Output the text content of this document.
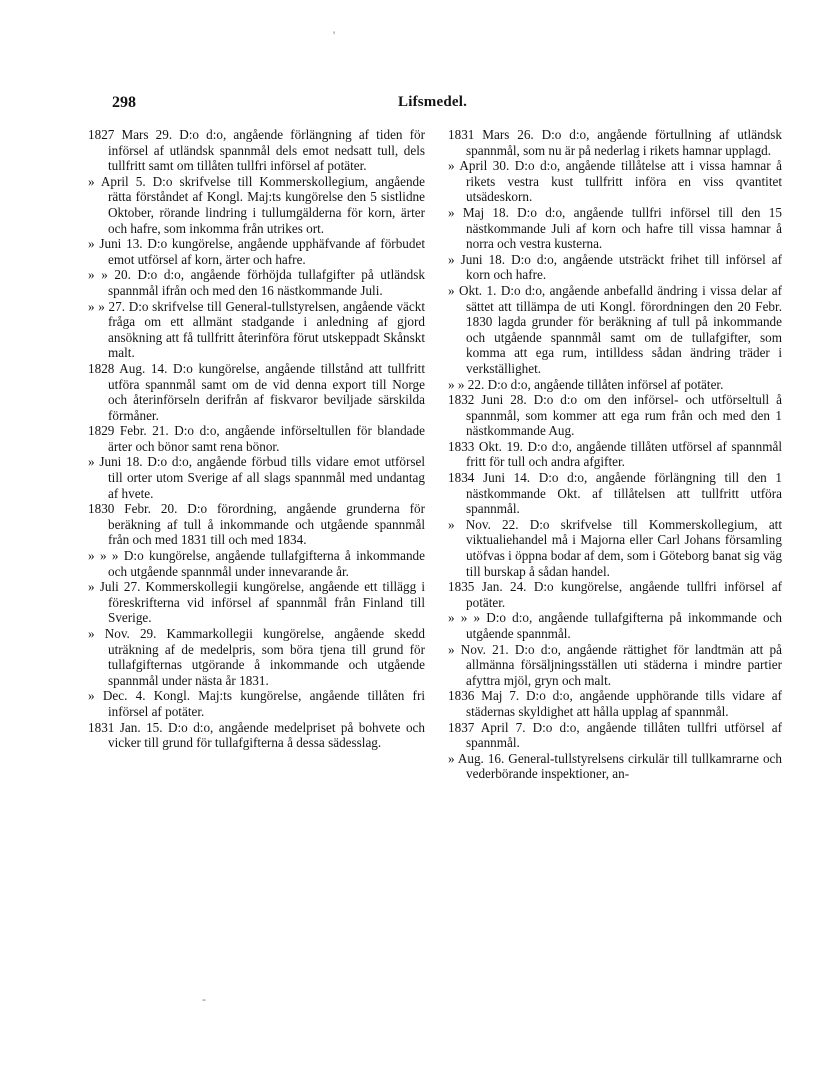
'
298	Lifsmedel.

1827 Mars 29. D:o d:o, angående förlängning af tiden för införsel af utländsk spannmål dels emot nedsatt tull, dels tullfritt samt om tillåten tullfri införsel af potäter.

» April 5. D:o skrifvelse till Kommerskollegium, angående rätta förståndet af Kongl. Maj:ts kungörelse den 5 sistlidne Oktober, rörande lindring i tullumgälderna för korn, ärter och hafre, som inkomma från utrikes ort.

» Juni 13. D:o kungörelse, angående upphäfvande af förbudet emot utförsel af korn, ärter och hafre.

» » 20. D:o d:o, angående förhöjda tullafgifter på utländsk spannmål ifrån och med den 16 nästkommande Juli.

» » 27. D:o skrifvelse till General-tullstyrelsen, angående väckt fråga om ett allmänt stadgande i anledning af gjord ansökning att få tullfritt återinföra förut utskeppadt Skånskt malt.

1828 Aug. 14. D:o kungörelse, angående tillstånd att tullfritt utföra spannmål samt om de vid denna export till Norge och återinförseln derifrån af fiskvaror beviljade särskilda förmåner.

1829 Febr. 21. D:o d:o, angående införseltullen för blandade ärter och bönor samt rena bönor.

» Juni 18. D:o d:o, angående förbud tills vidare emot utförsel till orter utom Sverige af all slags spannmål med undantag af hvete.

1830 Febr. 20. D:o förordning, angående grunderna för beräkning af tull å inkommande och utgående spannmål från och med 1831 till och med 1834.

» » » D:o kungörelse, angående tullafgifterna å inkommande och utgående spannmål under innevarande år.

» Juli 27. Kommerskollegii kungörelse, angående ett tillägg i föreskrifterna vid införsel af spannmål från Finland till Sverige.

» Nov. 29. Kammarkollegii kungörelse, angående skedd uträkning af de medelpris, som böra tjena till grund för tullafgifternas utgörande å inkommande och utgående spannmål under nästa år 1831.

» Dec. 4. Kongl. Maj:ts kungörelse, angående tillåten fri införsel af potäter.

1831 Jan. 15. D:o d:o, angående medelpriset på bohvete och vicker till grund för tullafgifterna å dessa sädesslag.

1831 Mars 26. D:o d:o, angående förtullning af utländsk spannmål, som nu är på nederlag i rikets hamnar upplagd.

» April 30. D:o d:o, angående tillåtelse att i vissa hamnar å rikets vestra kust tullfritt införa en viss qvantitet utsädeskorn.

» Maj 18. D:o d:o, angående tullfri införsel till den 15 nästkommande Juli af korn och hafre till vissa hamnar å norra och vestra kusterna.

» Juni 18. D:o d:o, angående utsträckt frihet till införsel af korn och hafre.

» Okt. 1. D:o d:o, angående anbefalld ändring i vissa delar af sättet att tillämpa de uti Kongl. förordningen den 20 Febr. 1830 lagda grunder för beräkning af tull på inkommande och utgående spannmål samt om de tullafgifter, som komma att ega rum, intilldess sådan ändring träder i verkställighet.

» » 22. D:o d:o, angående tillåten införsel af potäter.

1832 Juni 28. D:o d:o om den införsel- och utförseltull å spannmål, som kommer att ega rum från och med den 1 nästkommande Aug.

1833 Okt. 19. D:o d:o, angående tillåten utförsel af spannmål fritt för tull och andra afgifter.

1834 Juni 14. D:o d:o, angående förlängning till den 1 nästkommande Okt. af tillåtelsen att tullfritt utföra spannmål.

» Nov. 22. D:o skrifvelse till Kommerskollegium, att viktualiehandel må i Majorna eller Carl Johans församling utöfvas i öppna bodar af dem, som i Göteborg banat sig väg till burskap å sådan handel.

1835 Jan. 24. D:o kungörelse, angående tullfri införsel af potäter.

» » » D:o d:o, angående tullafgifterna på inkommande och utgående spannmål.

» Nov. 21. D:o d:o, angående rättighet för landtmän att på allmänna försäljningsställen uti städerna i mindre partier afyttra mjöl, gryn och malt.

1836 Maj 7. D:o d:o, angående upphörande tills vidare af städernas skyldighet att hålla upplag af spannmål.

1837 April 7. D:o d:o, angående tillåten tullfri utförsel af spannmål.

» Aug. 16. General-tullstyrelsens cirkulär till tullkamrarne och vederbörande inspektioner, an-

-
